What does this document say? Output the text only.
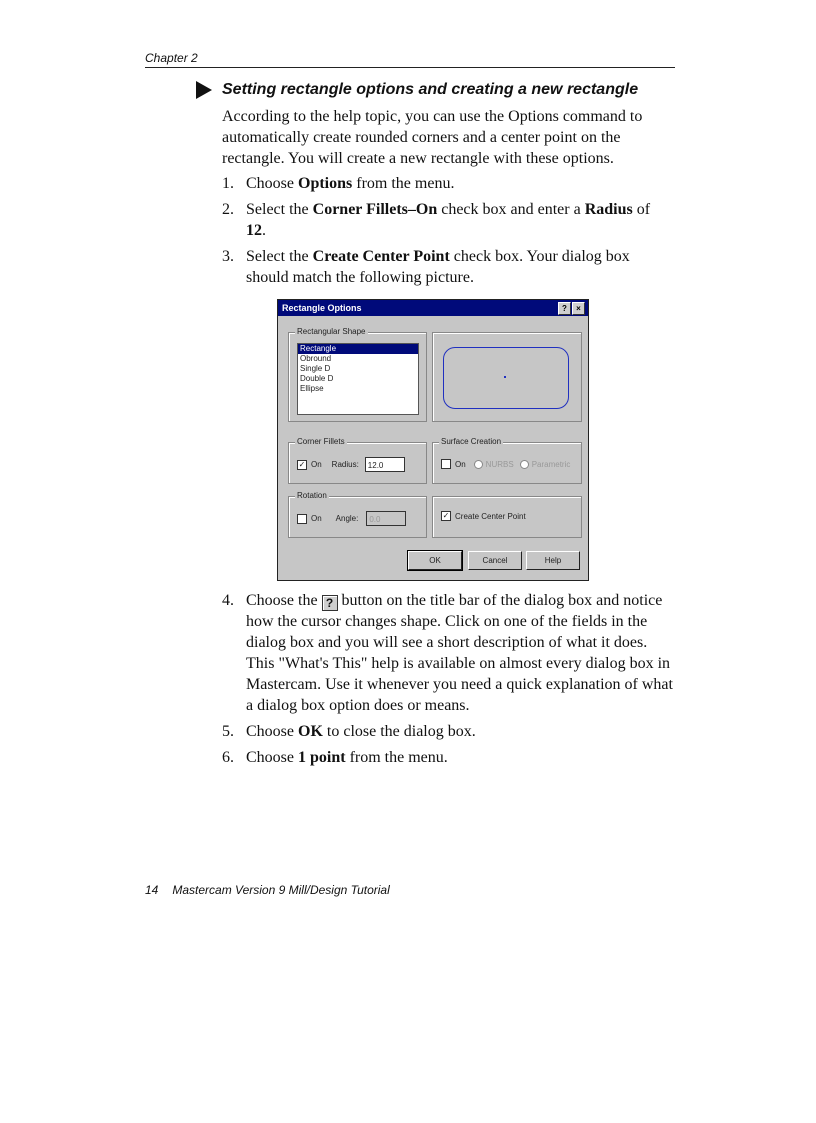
Chapter 2
Setting rectangle options and creating a new rectangle

According to the help topic, you can use the Options command to automatically create rounded corners and a center point on the rectangle. You will create a new rectangle with these options.

1. Choose Options from the menu.
2. Select the Corner Fillets–On check box and enter a Radius of 12.
3. Select the Create Center Point check box. Your dialog box should match the following picture.
Rectangle Options	?	×
Rectangular Shape
Rectangle
Obround
Single D
Double D
Ellipse
Corner Fillets
✓ On Radius:	12.0
Surface Creation
On	NURBS Parametric
Rotation
On Angle:	0.0	✓ Create Center Point
OK	Cancel	Help
4. Choose the ? button on the title bar of the dialog box and notice how the cursor changes shape. Click on one of the fields in the dialog box and you will see a short description of what it does. This "What's This" help is available on almost every dialog box in Mastercam. Use it whenever you need a quick explanation of what a dialog box option does or means.
5. Choose OK to close the dialog box.
6. Choose 1 point from the menu.
14 Mastercam Version 9 Mill/Design Tutorial
